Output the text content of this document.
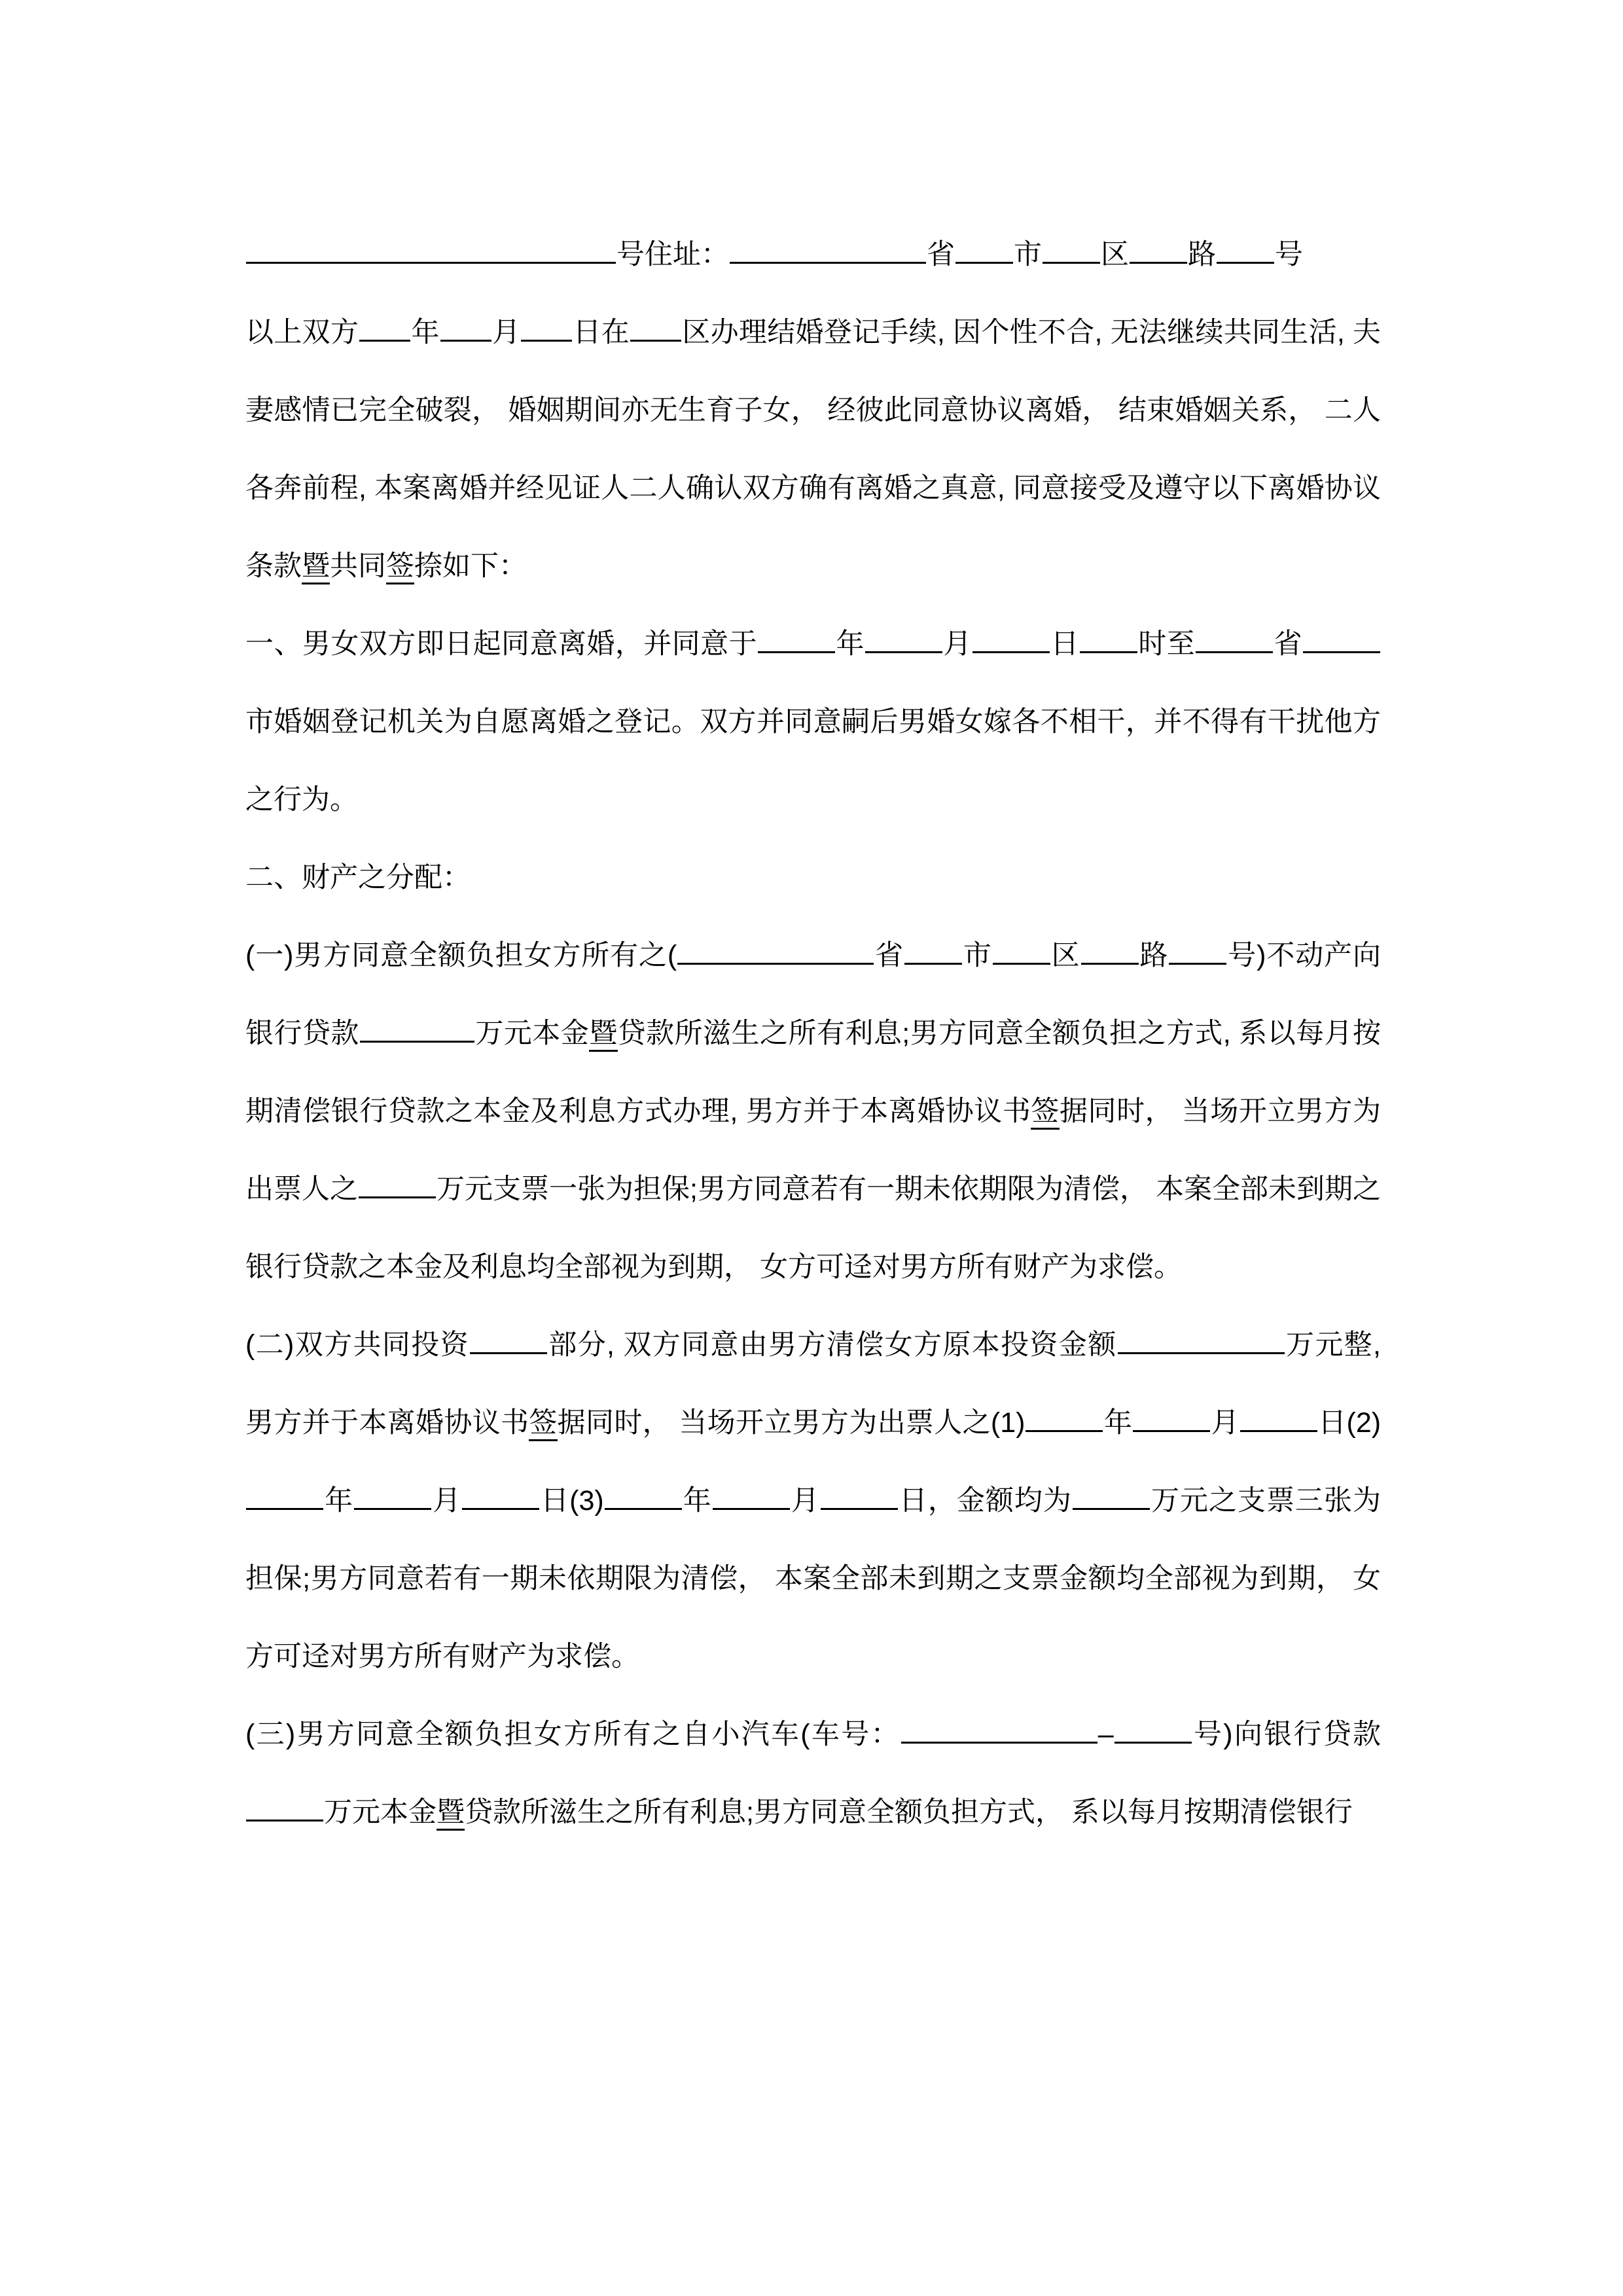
号住址：	省 市 区 路 号

以上双方 年 月 日在 区办理结婚登记手续, 因个性不合, 无法继续共同生活, 夫妻感情已完全破裂， 婚姻期间亦无生育子女， 经彼此同意协议离婚， 结束婚姻关系， 二人各奔前程, 本案离婚并经见证人二人确认双方确有离婚之真意, 同意接受及遵守以下离婚协议条款暨共同签捺如下：

一、男女双方即日起同意离婚，并同意于	年	月	日 时至	省市婚姻登记机关为自愿离婚之登记。双方并同意嗣后男婚女嫁各不相干，并不得有干扰他方之行为。

二、财产之分配：

(一)男方同意全额负担女方所有之(	省 市 区 路 号)不动产向银行贷款	万元本金暨贷款所滋生之所有利息;男方同意全额负担之方式, 系以每月按期清偿银行贷款之本金及利息方式办理, 男方并于本离婚协议书签据同时， 当场开立男方为出票人之	万元支票一张为担保;男方同意若有一期未依期限为清偿， 本案全部未到期之银行贷款之本金及利息均全部视为到期， 女方可迳对男方所有财产为求偿。

(二)双方共同投资	部分, 双方同意由男方清偿女方原本投资金额	万元整, 男方并于本离婚协议书签据同时， 当场开立男方为出票人之(1)	年	月	日(2)年	月	日(3)	年	月	日，金额均为	万元之支票三张为担保;男方同意若有一期未依期限为清偿， 本案全部未到期之支票金额均全部视为到期， 女方可迳对男方所有财产为求偿。

(三)男方同意全额负担女方所有之自小汽车(车号：	–	号)向银行贷款万元本金暨贷款所滋生之所有利息;男方同意全额负担方式， 系以每月按期清偿银行
